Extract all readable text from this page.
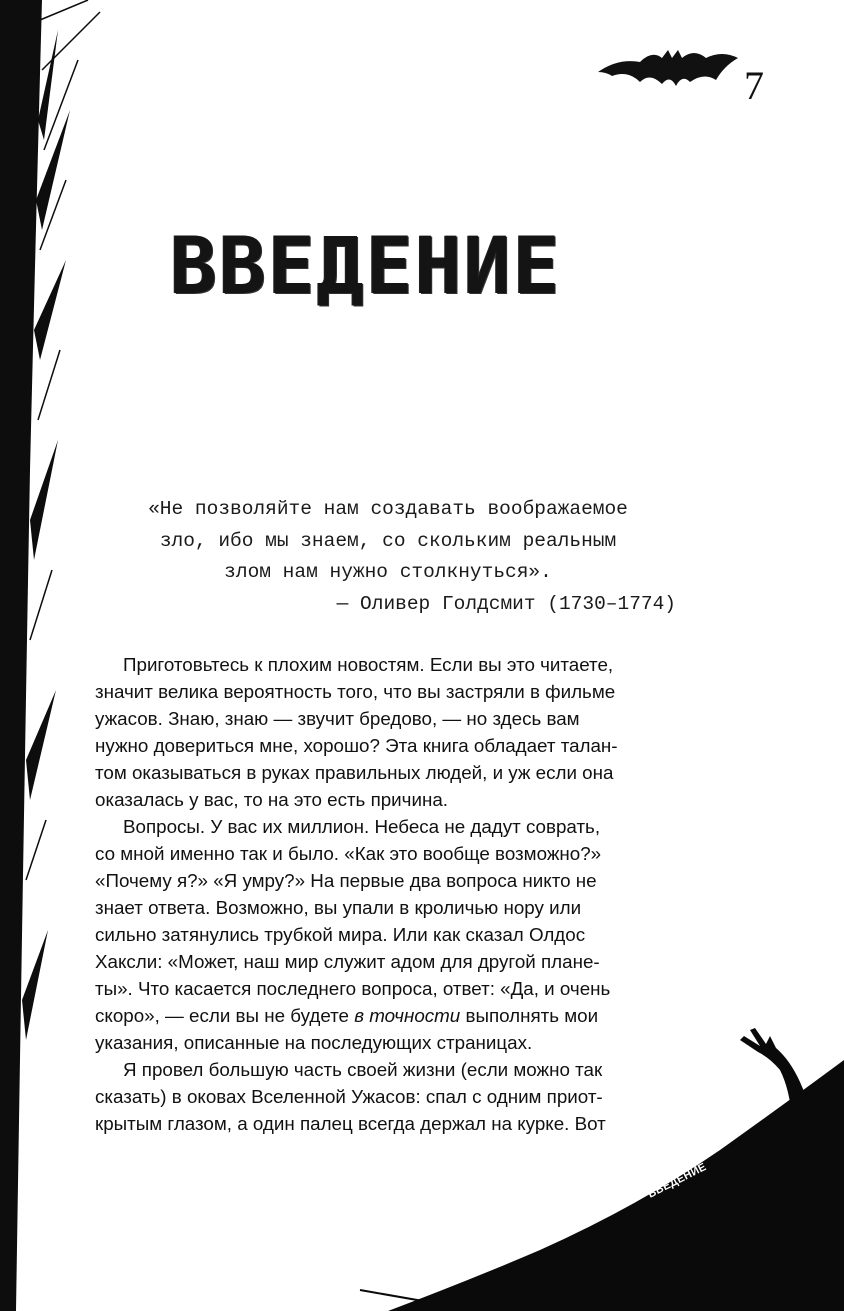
7
ВВЕДЕНИЕ
«Не позволяйте нам создавать воображаемое
зло, ибо мы знаем, со скольким реальным
злом нам нужно столкнуться».
— Оливер Голдсмит (1730–1774)
Приготовьтесь к плохим новостям. Если вы это читаете,
значит велика вероятность того, что вы застряли в фильме
ужасов. Знаю, знаю — звучит бредово, — но здесь вам
нужно довериться мне, хорошо? Эта книга обладает талан-
том оказываться в руках правильных людей, и уж если она
оказалась у вас, то на это есть причина.
Вопросы. У вас их миллион. Небеса не дадут соврать,
со мной именно так и было. «Как это вообще возможно?»
«Почему я?» «Я умру?» На первые два вопроса никто не
знает ответа. Возможно, вы упали в кроличью нору или
сильно затянулись трубкой мира. Или как сказал Олдос
Хаксли: «Может, наш мир служит адом для другой плане-
ты». Что касается последнего вопроса, ответ: «Да, и очень
скоро», — если вы не будете в точности выполнять мои
указания, описанные на последующих страницах.
Я провел большую часть своей жизни (если можно так
сказать) в оковах Вселенной Ужасов: спал с одним приот-
крытым глазом, а один палец всегда держал на курке. Вот
ВВЕДЕНИЕ
